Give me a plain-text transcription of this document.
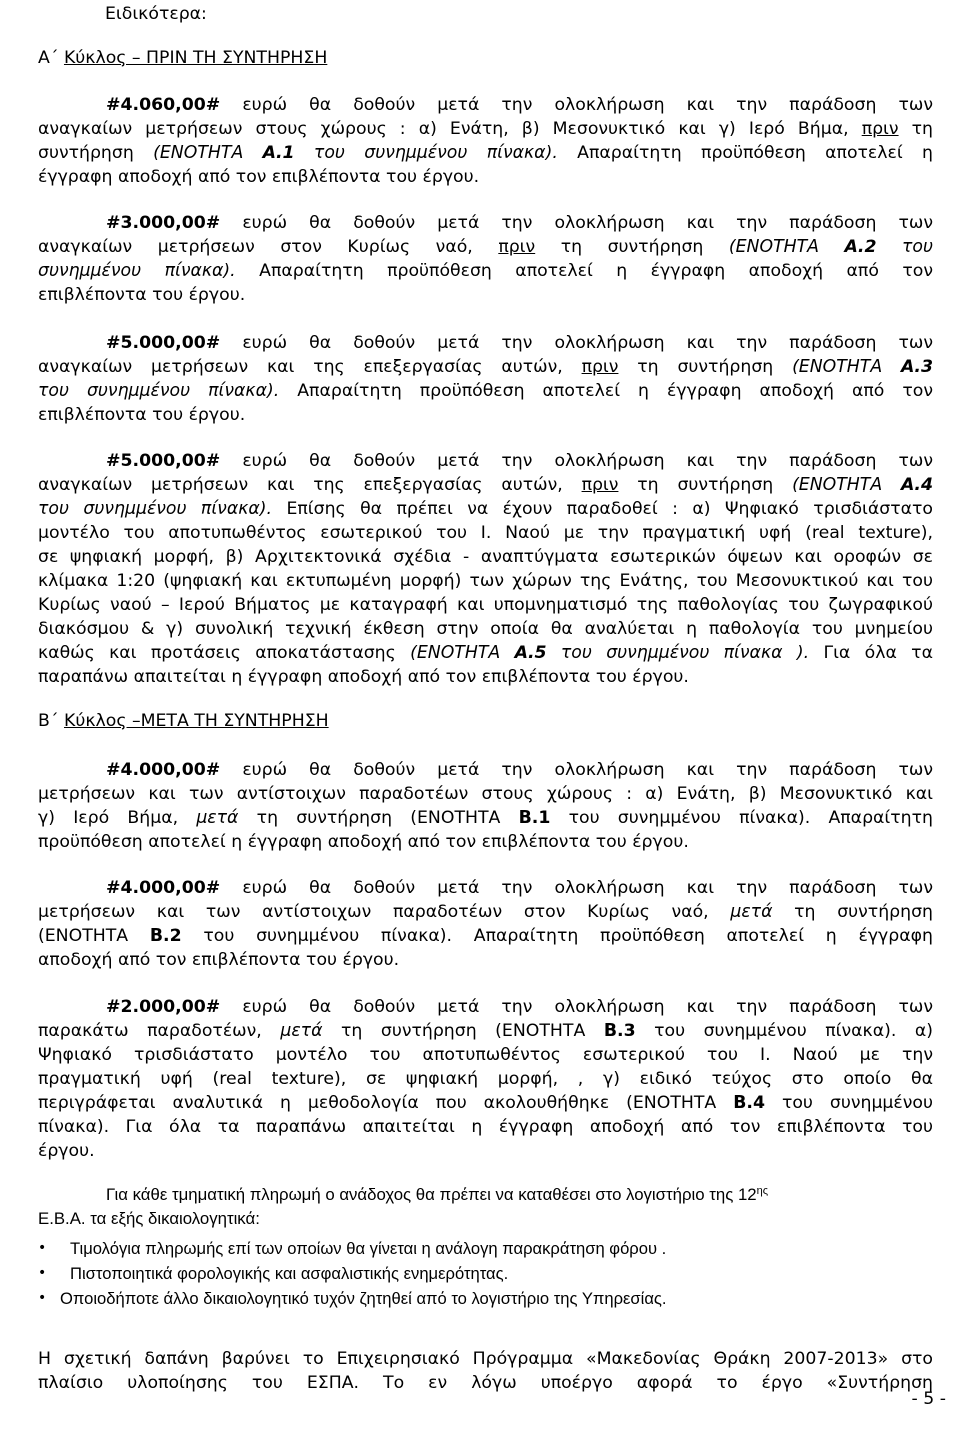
Ειδικότερα:
Α΄ Κύκλος – ΠΡΙΝ ΤΗ ΣΥΝΤΗΡΗΣΗ
#4.060,00# ευρώ θα δοθούν μετά την ολοκλήρωση και την παράδοση των
αναγκαίων μετρήσεων στους χώρους : α) Ενάτη, β) Μεσονυκτικό και γ) Ιερό Βήμα, πριν τη
συντήρηση (ΕΝΟΤΗΤΑ Α.1 του συνημμένου πίνακα). Απαραίτητη προϋπόθεση αποτελεί η
έγγραφη αποδοχή από τον επιβλέποντα του έργου.
#3.000,00# ευρώ θα δοθούν μετά την ολοκλήρωση και την παράδοση των
αναγκαίων μετρήσεων στον Κυρίως ναό, πριν τη συντήρηση (ΕΝΟΤΗΤΑ Α.2 του
συνημμένου πίνακα). Απαραίτητη προϋπόθεση αποτελεί η έγγραφη αποδοχή από τον
επιβλέποντα του έργου.
#5.000,00# ευρώ θα δοθούν μετά την ολοκλήρωση και την παράδοση των
αναγκαίων μετρήσεων και της επεξεργασίας αυτών, πριν τη συντήρηση (ΕΝΟΤΗΤΑ Α.3
του συνημμένου πίνακα). Απαραίτητη προϋπόθεση αποτελεί η έγγραφη αποδοχή από τον
επιβλέποντα του έργου.
#5.000,00# ευρώ θα δοθούν μετά την ολοκλήρωση και την παράδοση των
αναγκαίων μετρήσεων και της επεξεργασίας αυτών, πριν τη συντήρηση (ΕΝΟΤΗΤΑ Α.4
του συνημμένου πίνακα). Επίσης θα πρέπει να έχουν παραδοθεί : α) Ψηφιακό τρισδιάστατο
μοντέλο του αποτυπωθέντος εσωτερικού του Ι. Ναού με την πραγματική υφή (real texture),
σε ψηφιακή μορφή, β) Αρχιτεκτονικά σχέδια - αναπτύγματα εσωτερικών όψεων και οροφών σε
κλίμακα 1:20 (ψηφιακή και εκτυπωμένη μορφή) των χώρων της Ενάτης, του Μεσονυκτικού και του
Κυρίως ναού – Ιερού Βήματος με καταγραφή και υπομνηματισμό της παθολογίας του ζωγραφικού
διακόσμου & γ) συνολική τεχνική έκθεση στην οποία θα αναλύεται η παθολογία του μνημείου
καθώς και προτάσεις αποκατάστασης (ΕΝΟΤΗΤΑ Α.5 του συνημμένου πίνακα ). Για όλα τα
παραπάνω απαιτείται η έγγραφη αποδοχή από τον επιβλέποντα του έργου.
Β΄ Κύκλος –ΜΕΤΑ ΤΗ ΣΥΝΤΗΡΗΣΗ
#4.000,00# ευρώ θα δοθούν μετά την ολοκλήρωση και την παράδοση των
μετρήσεων και των αντίστοιχων παραδοτέων στους χώρους : α) Ενάτη, β) Μεσονυκτικό και
γ) Ιερό Βήμα, μετά τη συντήρηση (ΕΝΟΤΗΤΑ Β.1 του συνημμένου πίνακα). Απαραίτητη
προϋπόθεση αποτελεί η έγγραφη αποδοχή από τον επιβλέποντα του έργου.
#4.000,00# ευρώ θα δοθούν μετά την ολοκλήρωση και την παράδοση των
μετρήσεων και των αντίστοιχων παραδοτέων στον Κυρίως ναό, μετά τη συντήρηση
(ΕΝΟΤΗΤΑ Β.2 του συνημμένου πίνακα). Απαραίτητη προϋπόθεση αποτελεί η έγγραφη
αποδοχή από τον επιβλέποντα του έργου.
#2.000,00# ευρώ θα δοθούν μετά την ολοκλήρωση και την παράδοση των
παρακάτω παραδοτέων, μετά τη συντήρηση (ΕΝΟΤΗΤΑ Β.3 του συνημμένου πίνακα). α)
Ψηφιακό τρισδιάστατο μοντέλο του αποτυπωθέντος εσωτερικού του Ι. Ναού με την
πραγματική υφή (real texture), σε ψηφιακή μορφή, , γ) ειδικό τεύχος στο οποίο θα
περιγράφεται αναλυτικά η μεθοδολογία που ακολουθήθηκε (ΕΝΟΤΗΤΑ Β.4 του συνημμένου
πίνακα). Για όλα τα παραπάνω απαιτείται η έγγραφη αποδοχή από τον επιβλέποντα του
έργου.
Για κάθε τμηματική πληρωμή ο ανάδοχος θα πρέπει να καταθέσει στο λογιστήριο της $12^{\eta\varsigma}$
Ε.Β.Α. τα εξής δικαιολογητικά:
• Τιμολόγια πληρωμής επί των οποίων θα γίνεται η ανάλογη παρακράτηση φόρου .
• Πιστοποιητικά φορολογικής και ασφαλιστικής ενημερότητας.
• Οποιοδήποτε άλλο δικαιολογητικό τυχόν ζητηθεί από το λογιστήριο της Υπηρεσίας.
Η σχετική δαπάνη βαρύνει το Επιχειρησιακό Πρόγραμμα «Μακεδονίας Θράκη 2007-2013» στο
πλαίσιο υλοποίησης του ΕΣΠΑ. Το εν λόγω υποέργο αφορά το έργο «Συντήρηση
- 5 -
